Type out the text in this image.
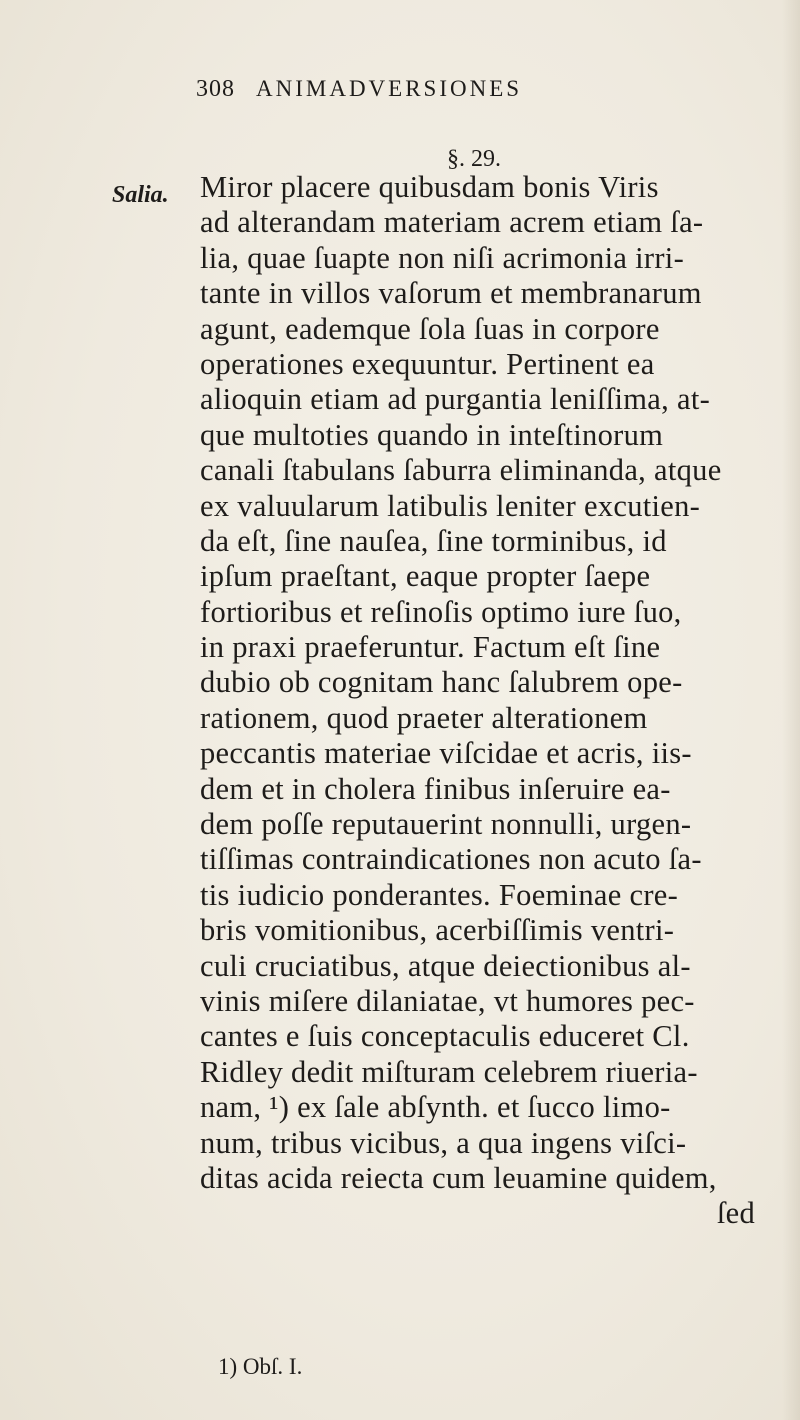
308 ANIMADVERSIONES
§. 29.
Salia. Miror placere quibusdam bonis Viris
ad alterandam materiam acrem etiam ſa-
lia, quae ſuapte non niſi acrimonia irri-
tante in villos vaſorum et membranarum
agunt, eademque ſola ſuas in corpore
operationes exequuntur. Pertinent ea
alioquin etiam ad purgantia leniſſima, at-
que multoties quando in inteſtinorum
canali ſtabulans ſaburra eliminanda, atque
ex valuularum latibulis leniter excutien-
da eſt, ſine nauſea, ſine torminibus, id
ipſum praeſtant, eaque propter ſaepe
fortioribus et reſinoſis optimo iure ſuo,
in praxi praeferuntur. Factum eſt ſine
dubio ob cognitam hanc ſalubrem ope-
rationem, quod praeter alterationem
peccantis materiae viſcidae et acris, iis-
dem et in cholera finibus inſeruire ea-
dem poſſe reputauerint nonnulli, urgen-
tiſſimas contraindicationes non acuto ſa-
tis iudicio ponderantes. Foeminae cre-
bris vomitionibus, acerbiſſimis ventri-
culi cruciatibus, atque deiectionibus al-
vinis miſere dilaniatae, vt humores pec-
cantes e ſuis conceptaculis educeret Cl.
Ridley dedit miſturam celebrem riueria-
nam, ¹) ex ſale abſynth. et ſucco limo-
num, tribus vicibus, a qua ingens viſci-
ditas acida reiecta cum leuamine quidem,
ſed
1) Obſ. I.
